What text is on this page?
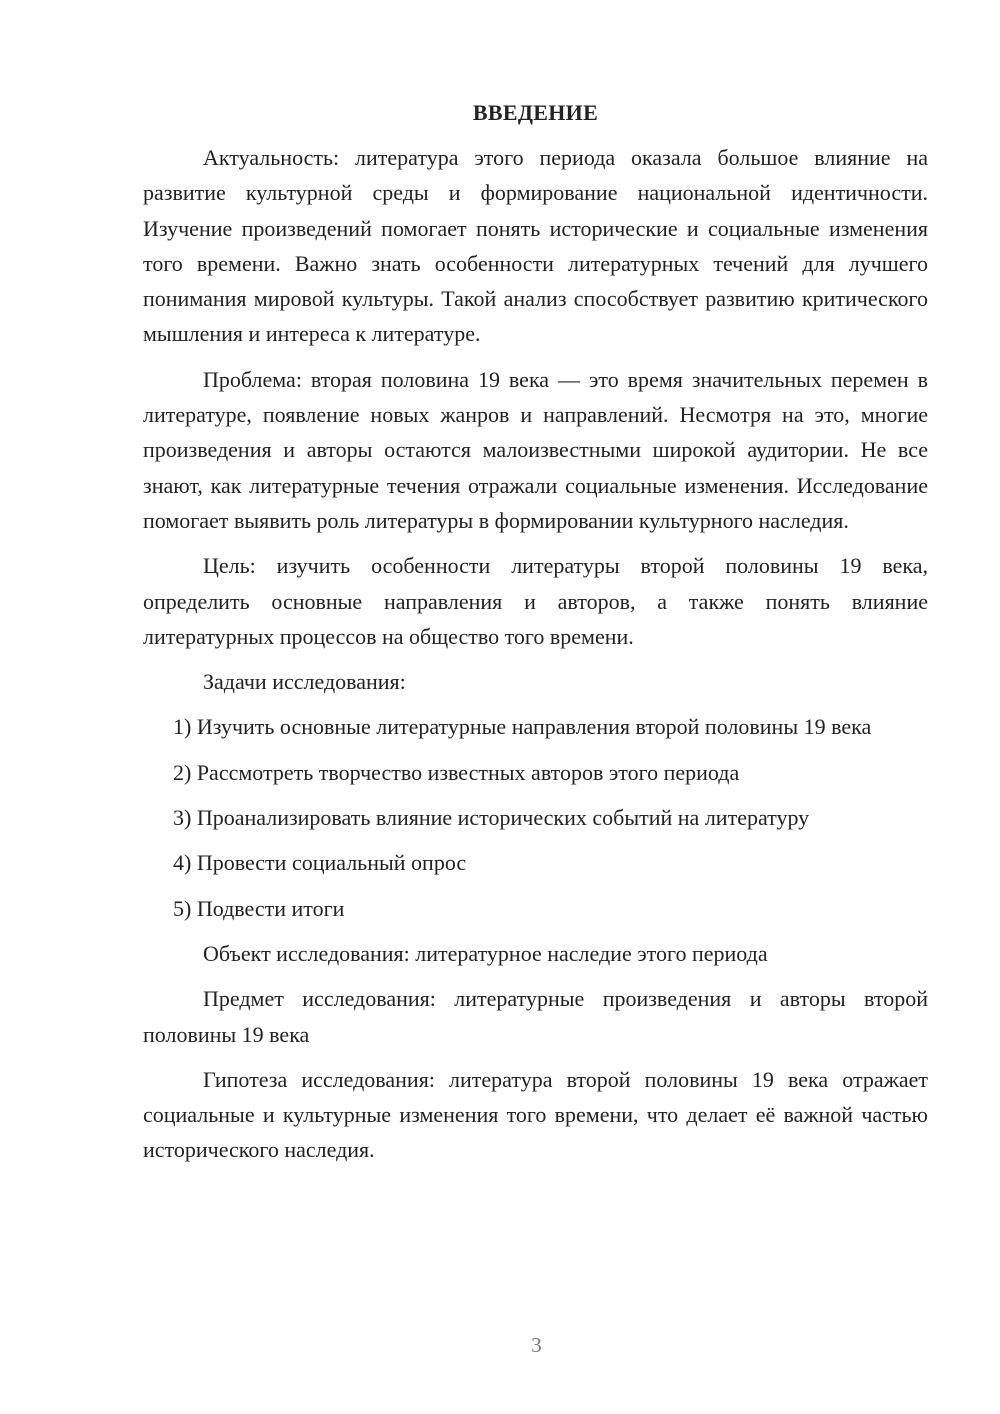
ВВЕДЕНИЕ

Актуальность: литература этого периода оказала большое влияние на развитие культурной среды и формирование национальной идентичности. Изучение произведений помогает понять исторические и социальные изменения того времени. Важно знать особенности литературных течений для лучшего понимания мировой культуры. Такой анализ способствует развитию критического мышления и интереса к литературе.

Проблема: вторая половина 19 века — это время значительных перемен в литературе, появление новых жанров и направлений. Несмотря на это, многие произведения и авторы остаются малоизвестными широкой аудитории. Не все знают, как литературные течения отражали социальные изменения. Исследование помогает выявить роль литературы в формировании культурного наследия.

Цель: изучить особенности литературы второй половины 19 века, определить основные направления и авторов, а также понять влияние литературных процессов на общество того времени.

Задачи исследования:

1) Изучить основные литературные направления второй половины 19 века

2) Рассмотреть творчество известных авторов этого периода

3) Проанализировать влияние исторических событий на литературу

4) Провести социальный опрос

5) Подвести итоги

Объект исследования: литературное наследие этого периода

Предмет исследования: литературные произведения и авторы второй половины 19 века

Гипотеза исследования: литература второй половины 19 века отражает социальные и культурные изменения того времени, что делает её важной частью исторического наследия.

3
